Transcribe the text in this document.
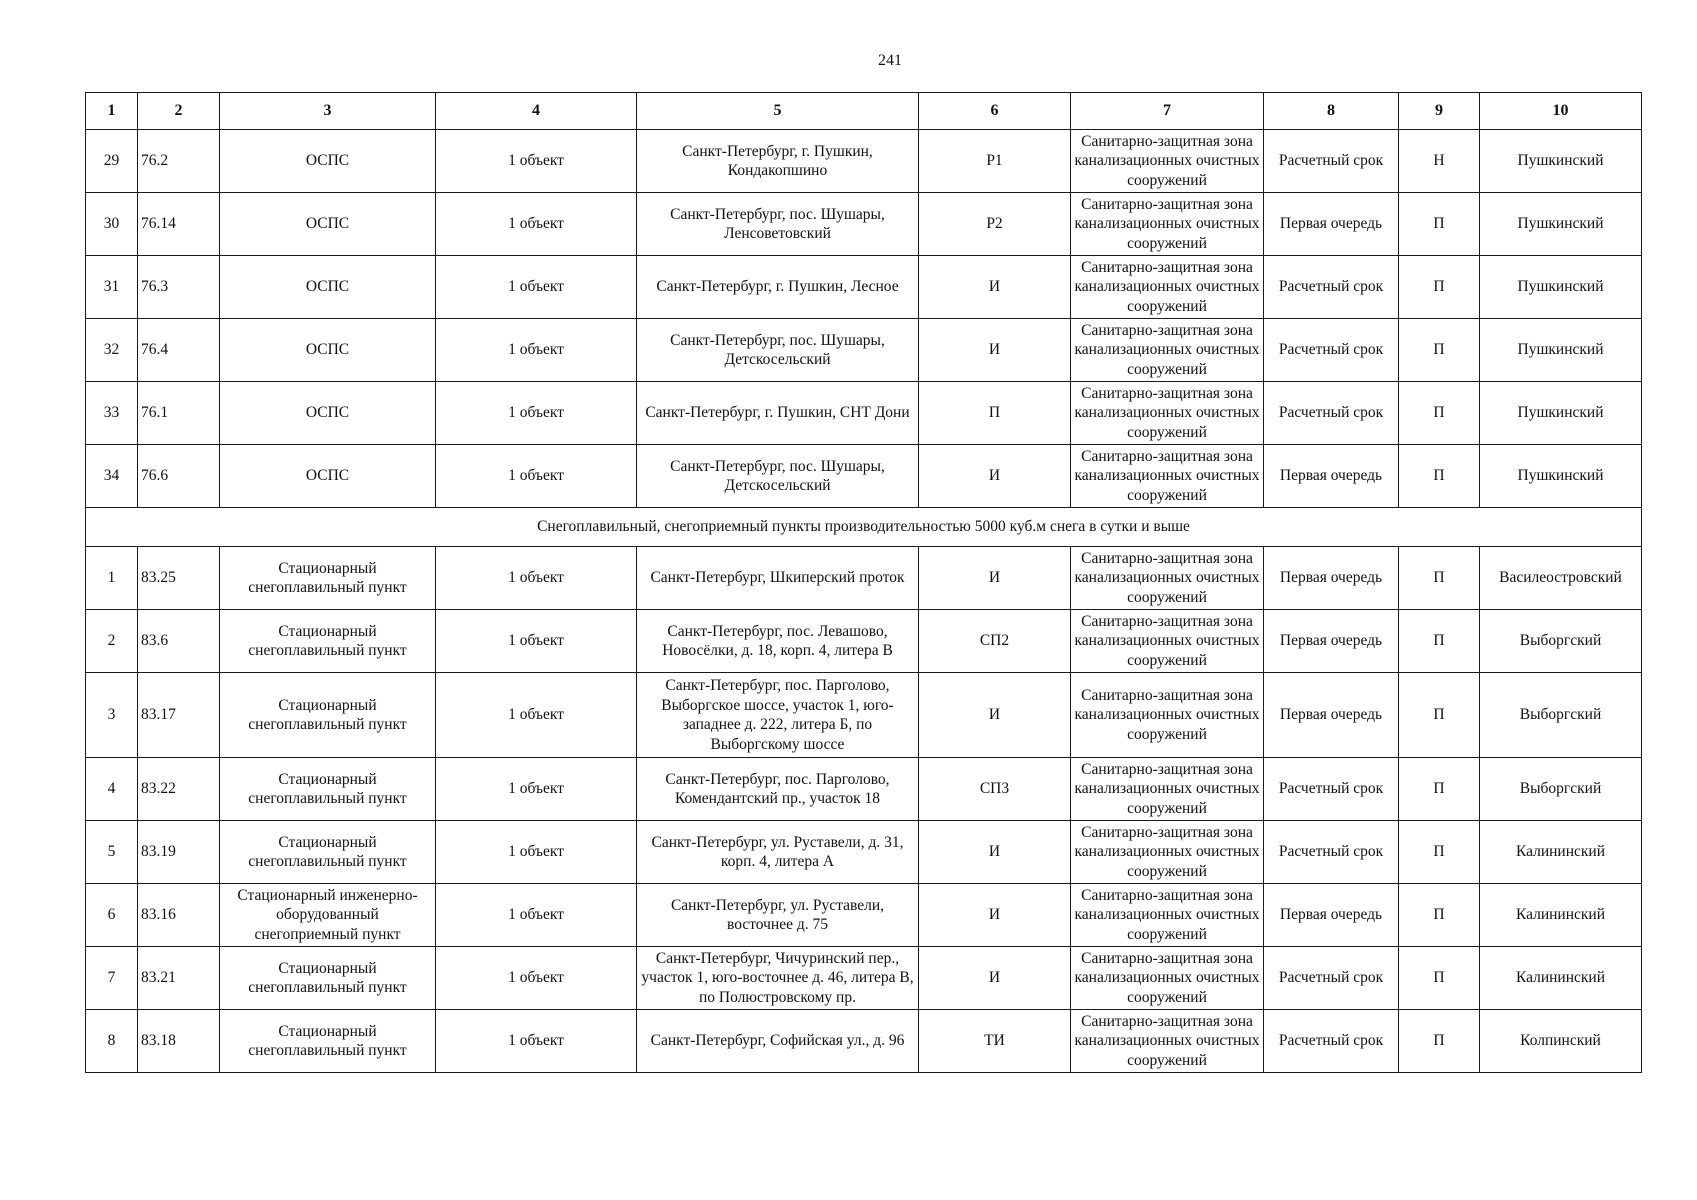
241
1	2	3	4	5	6	7	8	9	10
29	76.2	ОСПС	1 объект	Санкт-Петербург, г. Пушкин, Кондакопшино	Р1	Санитарно-защитная зона канализационных очистных сооружений	Расчетный срок	Н	Пушкинский
30	76.14	ОСПС	1 объект	Санкт-Петербург, пос. Шушары, Ленсоветовский	Р2	Санитарно-защитная зона канализационных очистных сооружений	Первая очередь	П	Пушкинский
31	76.3	ОСПС	1 объект	Санкт-Петербург, г. Пушкин, Лесное	И	Санитарно-защитная зона канализационных очистных сооружений	Расчетный срок	П	Пушкинский
32	76.4	ОСПС	1 объект	Санкт-Петербург, пос. Шушары, Детскосельский	И	Санитарно-защитная зона канализационных очистных сооружений	Расчетный срок	П	Пушкинский
33	76.1	ОСПС	1 объект	Санкт-Петербург, г. Пушкин, СНТ Дони	П	Санитарно-защитная зона канализационных очистных сооружений	Расчетный срок	П	Пушкинский
34	76.6	ОСПС	1 объект	Санкт-Петербург, пос. Шушары, Детскосельский	И	Санитарно-защитная зона канализационных очистных сооружений	Первая очередь	П	Пушкинский
Снегоплавильный, снегоприемный пункты производительностью 5000 куб.м снега в сутки и выше									
1	83.25	Стационарный снегоплавильный пункт	1 объект	Санкт-Петербург, Шкиперский проток	И	Санитарно-защитная зона канализационных очистных сооружений	Первая очередь	П	Василеостровский
2	83.6	Стационарный снегоплавильный пункт	1 объект	Санкт-Петербург, пос. Левашово, Новосёлки, д. 18, корп. 4, литера В	СП2	Санитарно-защитная зона канализационных очистных сооружений	Первая очередь	П	Выборгский
3	83.17	Стационарный снегоплавильный пункт	1 объект	Санкт-Петербург, пос. Парголово, Выборгское шоссе, участок 1, юго-западнее д. 222, литера Б, по Выборгскому шоссе	И	Санитарно-защитная зона канализационных очистных сооружений	Первая очередь	П	Выборгский
4	83.22	Стационарный снегоплавильный пункт	1 объект	Санкт-Петербург, пос. Парголово, Комендантский пр., участок 18	СП3	Санитарно-защитная зона канализационных очистных сооружений	Расчетный срок	П	Выборгский
5	83.19	Стационарный снегоплавильный пункт	1 объект	Санкт-Петербург, ул. Руставели, д. 31, корп. 4, литера А	И	Санитарно-защитная зона канализационных очистных сооружений	Расчетный срок	П	Калининский
6	83.16	Стационарный инженерно-оборудованный снегоприемный пункт	1 объект	Санкт-Петербург, ул. Руставели, восточнее д. 75	И	Санитарно-защитная зона канализационных очистных сооружений	Первая очередь	П	Калининский
7	83.21	Стационарный снегоплавильный пункт	1 объект	Санкт-Петербург, Чичуринский пер., участок 1, юго-восточнее д. 46, литера В, по Полюстровскому пр.	И	Санитарно-защитная зона канализационных очистных сооружений	Расчетный срок	П	Калининский
8	83.18	Стационарный снегоплавильный пункт	1 объект	Санкт-Петербург, Софийская ул., д. 96	ТИ	Санитарно-защитная зона канализационных очистных сооружений	Расчетный срок	П	Колпинский
